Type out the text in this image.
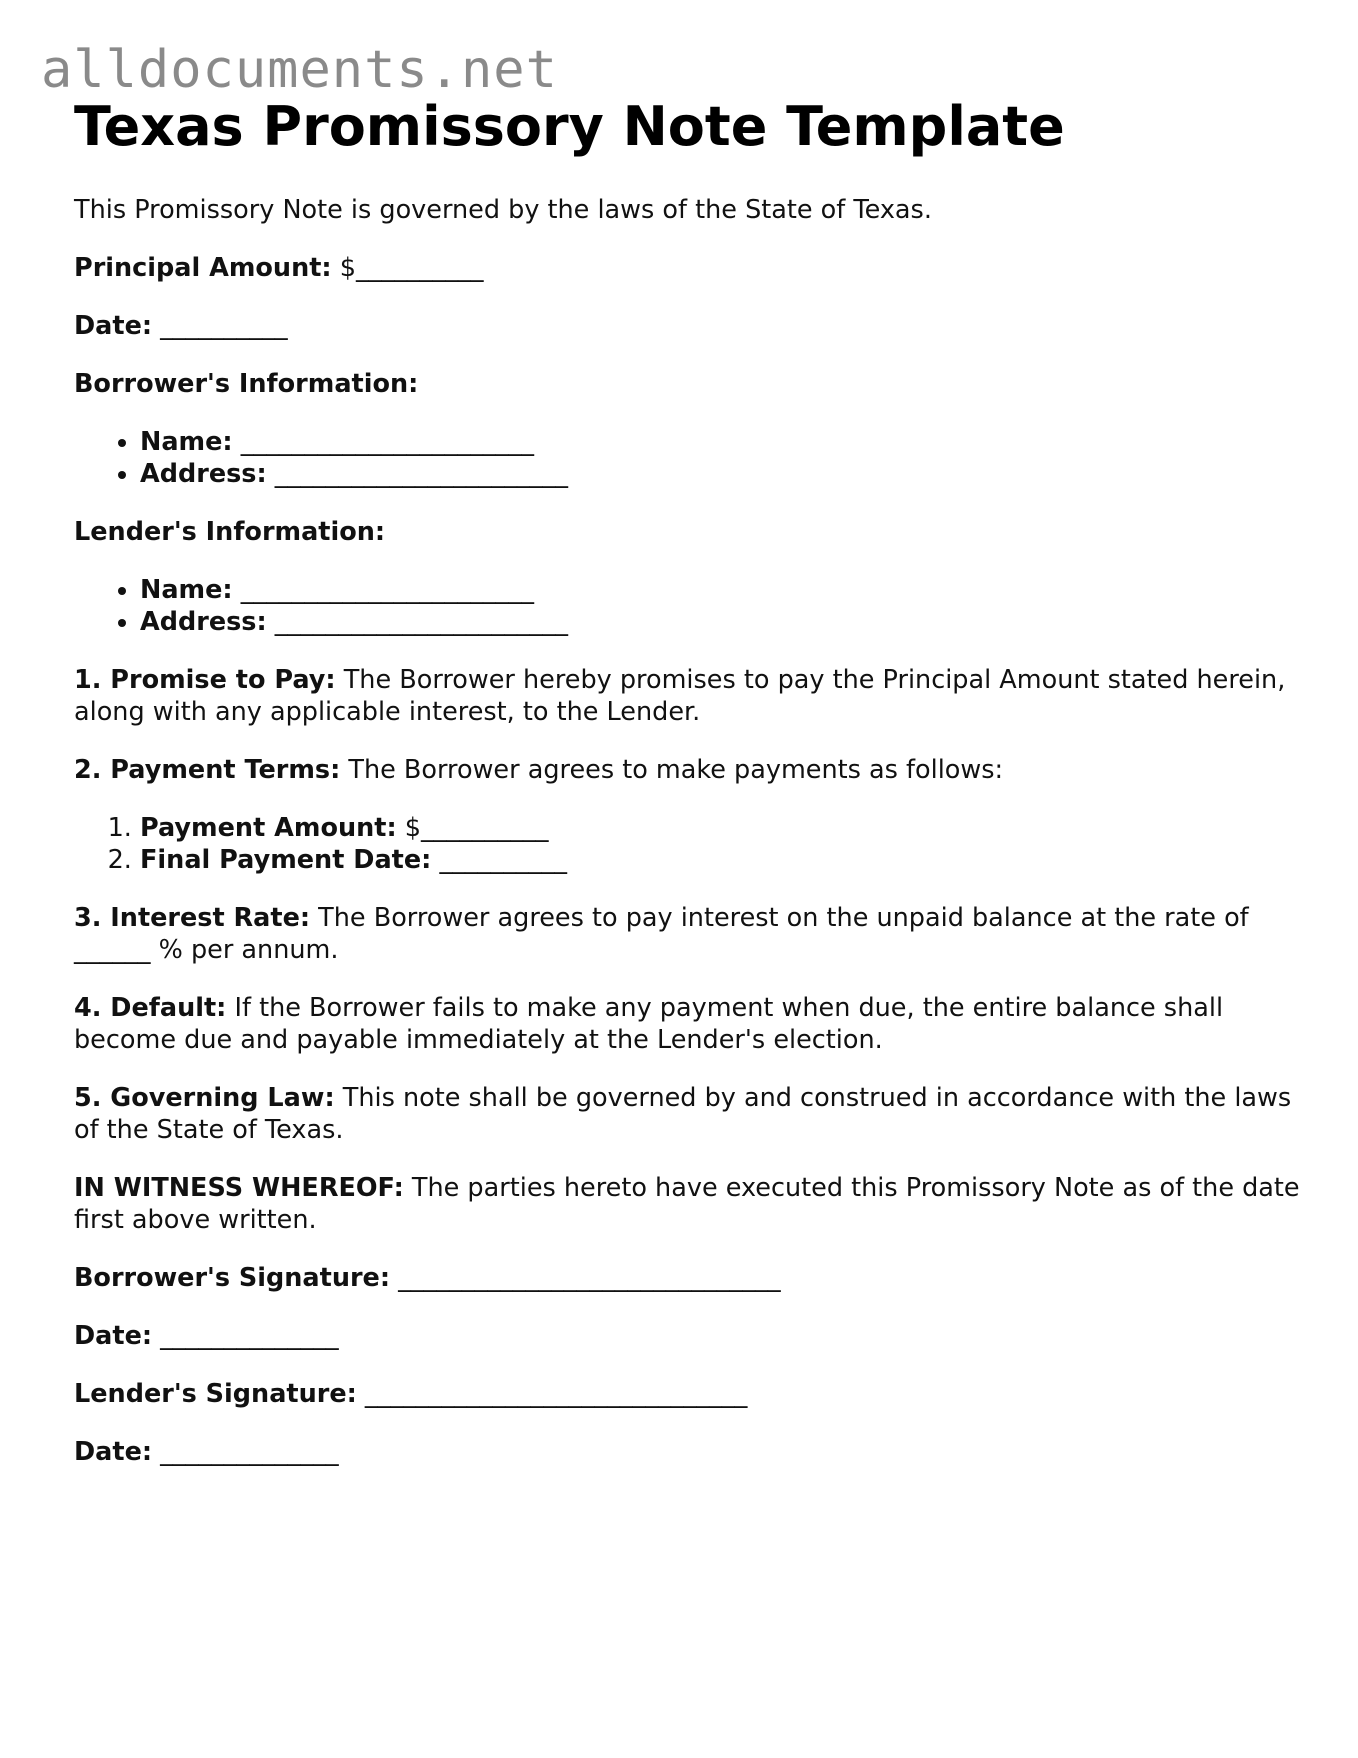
alldocuments.net
Texas Promissory Note Template

This Promissory Note is governed by the laws of the State of Texas.

Principal Amount: $__________

Date: __________

Borrower's Information:

• Name: _______________________
• Address: _______________________

Lender's Information:

• Name: _______________________
• Address: _______________________

1. Promise to Pay: The Borrower hereby promises to pay the Principal Amount stated herein, along with any applicable interest, to the Lender.

2. Payment Terms: The Borrower agrees to make payments as follows:

1. Payment Amount: $__________
2. Final Payment Date: __________

3. Interest Rate: The Borrower agrees to pay interest on the unpaid balance at the rate of ______ % per annum.

4. Default: If the Borrower fails to make any payment when due, the entire balance shall become due and payable immediately at the Lender's election.

5. Governing Law: This note shall be governed by and construed in accordance with the laws of the State of Texas.

IN WITNESS WHEREOF: The parties hereto have executed this Promissory Note as of the date first above written.

Borrower's Signature: ______________________________

Date: ______________

Lender's Signature: ______________________________

Date: ______________
